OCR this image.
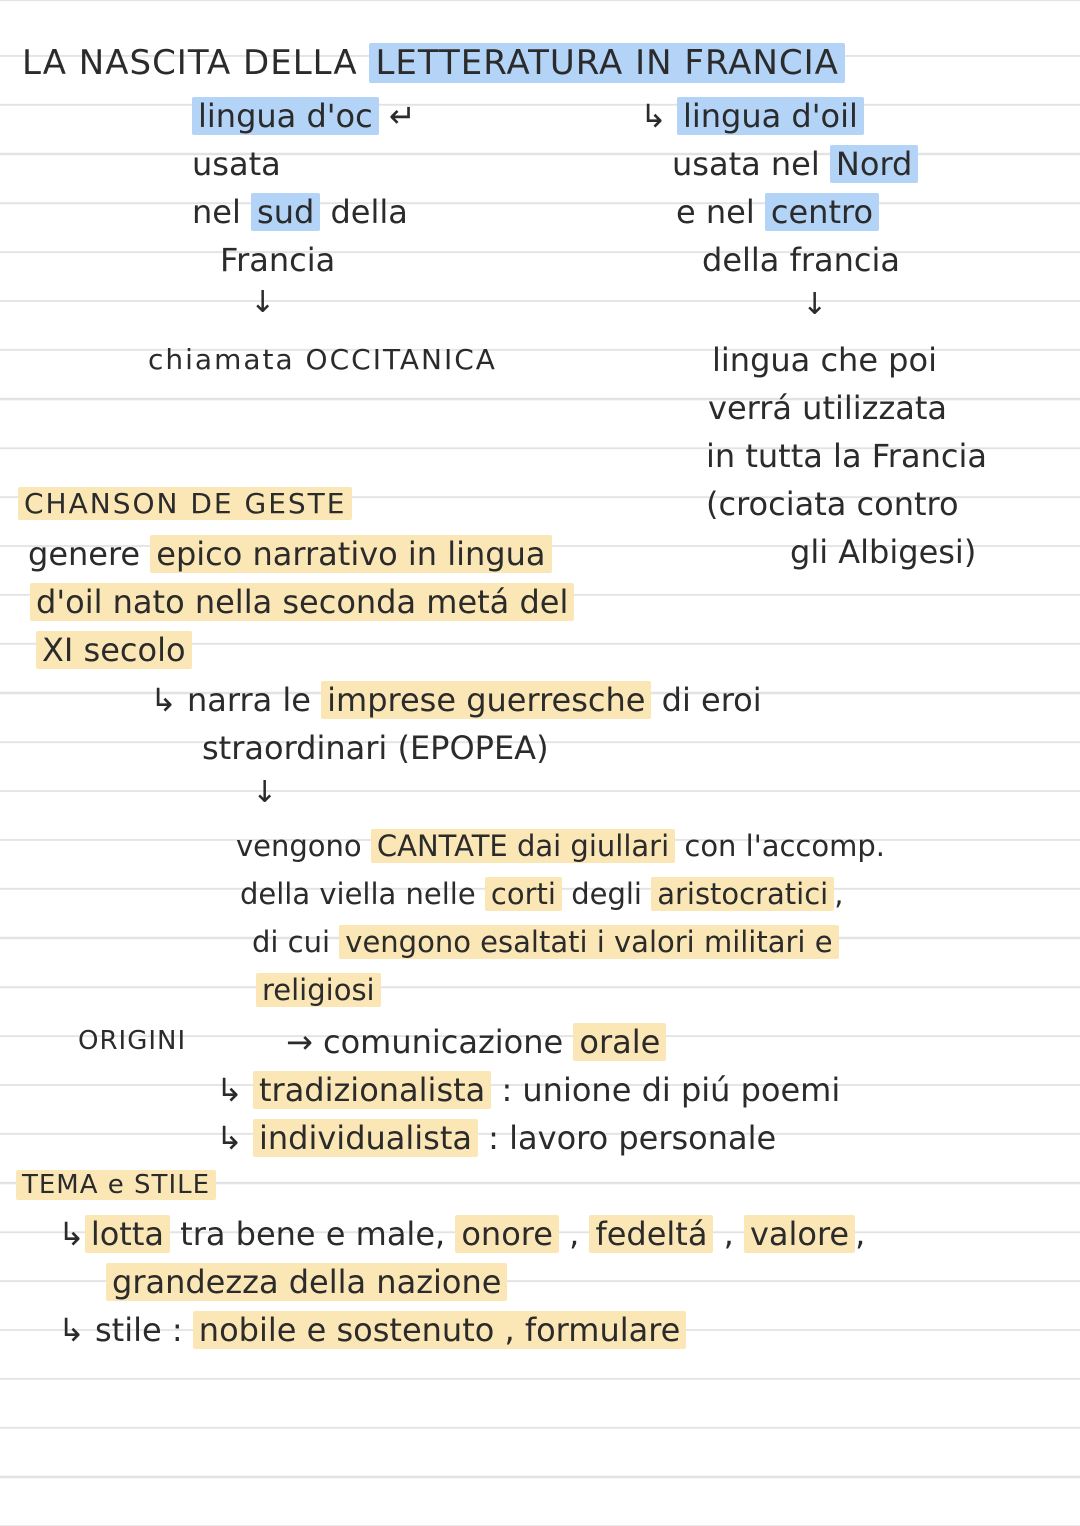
LA NASCITA DELLA LETTERATURA IN FRANCIA
lingua d'oc ↵
usata
nel sud della
Francia
↓
chiamata OCCITANICA
↳ lingua d'oil
usata nel Nord
e nel centro
della francia
↓
lingua che poi
verrá utilizzata
in tutta la Francia
(crociata contro
gli Albigesi)
CHANSON DE GESTE
genere epico narrativo in lingua
d'oil nato nella seconda metá del
XI secolo
↳ narra le imprese guerresche di eroi
straordinari (EPOPEA)
↓
vengono CANTATE dai giullari con l'accomp.
della viella nelle corti degli aristocratici ,
di cui vengono esaltati i valori militari e
religiosi
ORIGINI	→ comunicazione orale
↳ tradizionalista : unione di piú poemi
↳ individualista : lavoro personale
TEMA e STILE
↳ lotta tra bene e male, onore , fedeltá , valore ,
grandezza della nazione
↳ stile : nobile e sostenuto , formulare
